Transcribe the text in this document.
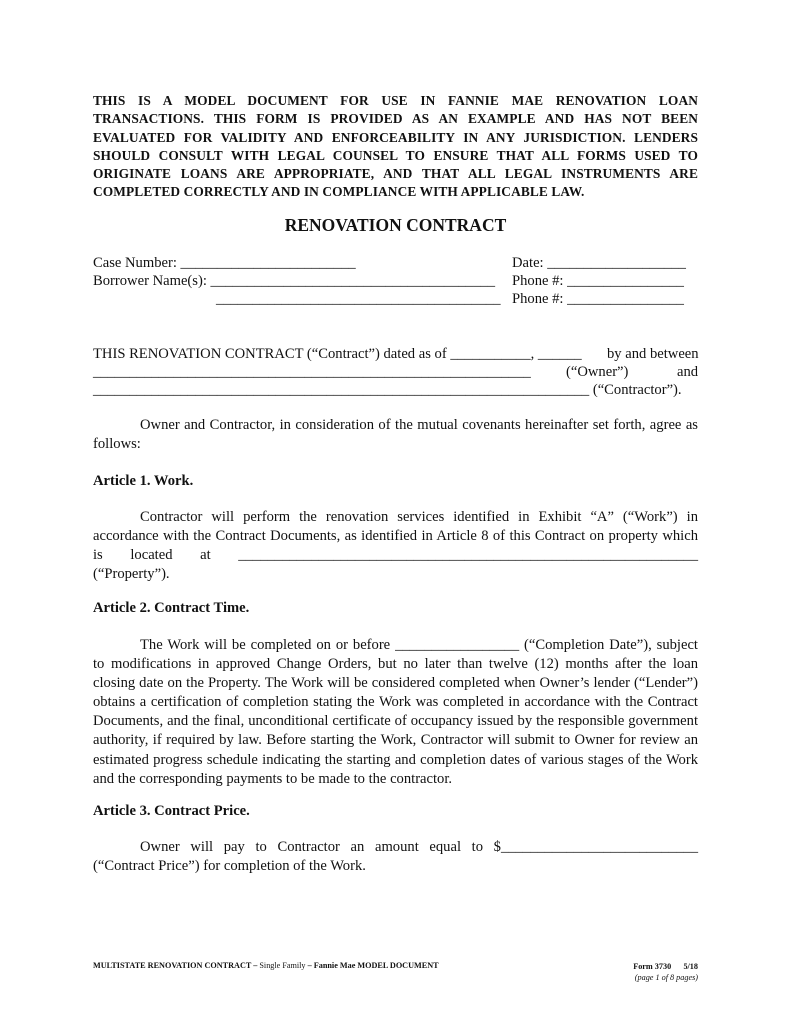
THIS IS A MODEL DOCUMENT FOR USE IN FANNIE MAE RENOVATION LOAN TRANSACTIONS. THIS FORM IS PROVIDED AS AN EXAMPLE AND HAS NOT BEEN EVALUATED FOR VALIDITY AND ENFORCEABILITY IN ANY JURISDICTION. LENDERS SHOULD CONSULT WITH LEGAL COUNSEL TO ENSURE THAT ALL FORMS USED TO ORIGINATE LOANS ARE APPROPRIATE, AND THAT ALL LEGAL INSTRUMENTS ARE COMPLETED CORRECTLY AND IN COMPLIANCE WITH APPLICABLE LAW.
RENOVATION CONTRACT
Case Number: ________________________
Borrower Name(s): _______________________________________
_______________________________________
Date: ___________________
Phone #: ________________
Phone #: ________________
THIS RENOVATION CONTRACT (“Contract”) dated as of ___________, ______ by and between
____________________________________________________________ (“Owner”)	and
____________________________________________________________________ (“Contractor”).
Owner and Contractor, in consideration of the mutual covenants hereinafter set forth, agree as follows:
Article 1. Work.
Contractor will perform the renovation services identified in Exhibit “A” (“Work”) in accordance with the Contract Documents, as identified in Article 8 of this Contract on property which is located at _______________________________________________________________ (“Property”).
Article 2. Contract Time.
The Work will be completed on or before _________________ (“Completion Date”), subject to modifications in approved Change Orders, but no later than twelve (12) months after the loan closing date on the Property. The Work will be considered completed when Owner’s lender (“Lender”) obtains a certification of completion stating the Work was completed in accordance with the Contract Documents, and the final, unconditional certificate of occupancy issued by the responsible government authority, if required by law. Before starting the Work, Contractor will submit to Owner for review an estimated progress schedule indicating the starting and completion dates of various stages of the Work and the corresponding payments to be made to the contractor.
Article 3. Contract Price.
Owner will pay to Contractor an amount equal to $___________________________ (“Contract Price”) for completion of the Work.
MULTISTATE RENOVATION CONTRACT – Single Family – Fannie Mae MODEL DOCUMENT	Form 3730      5/18
(page 1 of 8 pages)
